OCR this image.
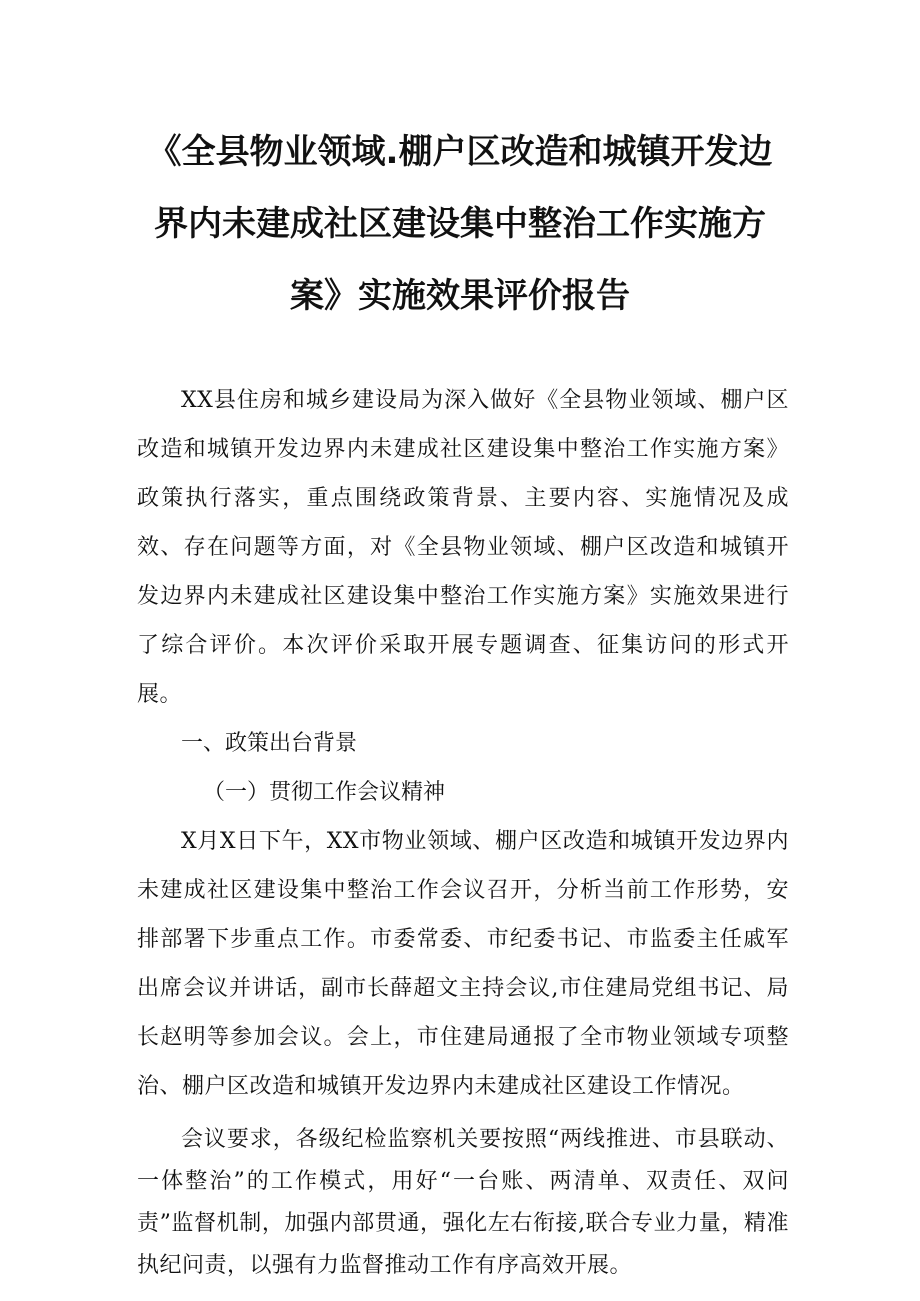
《全县物业领域.棚户区改造和城镇开发边
界内未建成社区建设集中整治工作实施方
案》实施效果评价报告

XX县住房和城乡建设局为深入做好《全县物业领域、棚户区改造和城镇开发边界内未建成社区建设集中整治工作实施方案》政策执行落实，重点围绕政策背景、主要内容、实施情况及成效、存在问题等方面，对《全县物业领域、棚户区改造和城镇开发边界内未建成社区建设集中整治工作实施方案》实施效果进行了综合评价。本次评价采取开展专题调查、征集访问的形式开展。

一、政策出台背景

（一）贯彻工作会议精神

X月X日下午，XX市物业领域、棚户区改造和城镇开发边界内未建成社区建设集中整治工作会议召开，分析当前工作形势，安排部署下步重点工作。市委常委、市纪委书记、市监委主任戚军出席会议并讲话，副市长薛超文主持会议,市住建局党组书记、局长赵明等参加会议。会上，市住建局通报了全市物业领域专项整治、棚户区改造和城镇开发边界内未建成社区建设工作情况。

会议要求，各级纪检监察机关要按照“两线推进、市县联动、一体整治”的工作模式，用好“一台账、两清单、双责任、双问责”监督机制，加强内部贯通，强化左右衔接,联合专业力量，精准执纪问责，以强有力监督推动工作有序高效开展。
